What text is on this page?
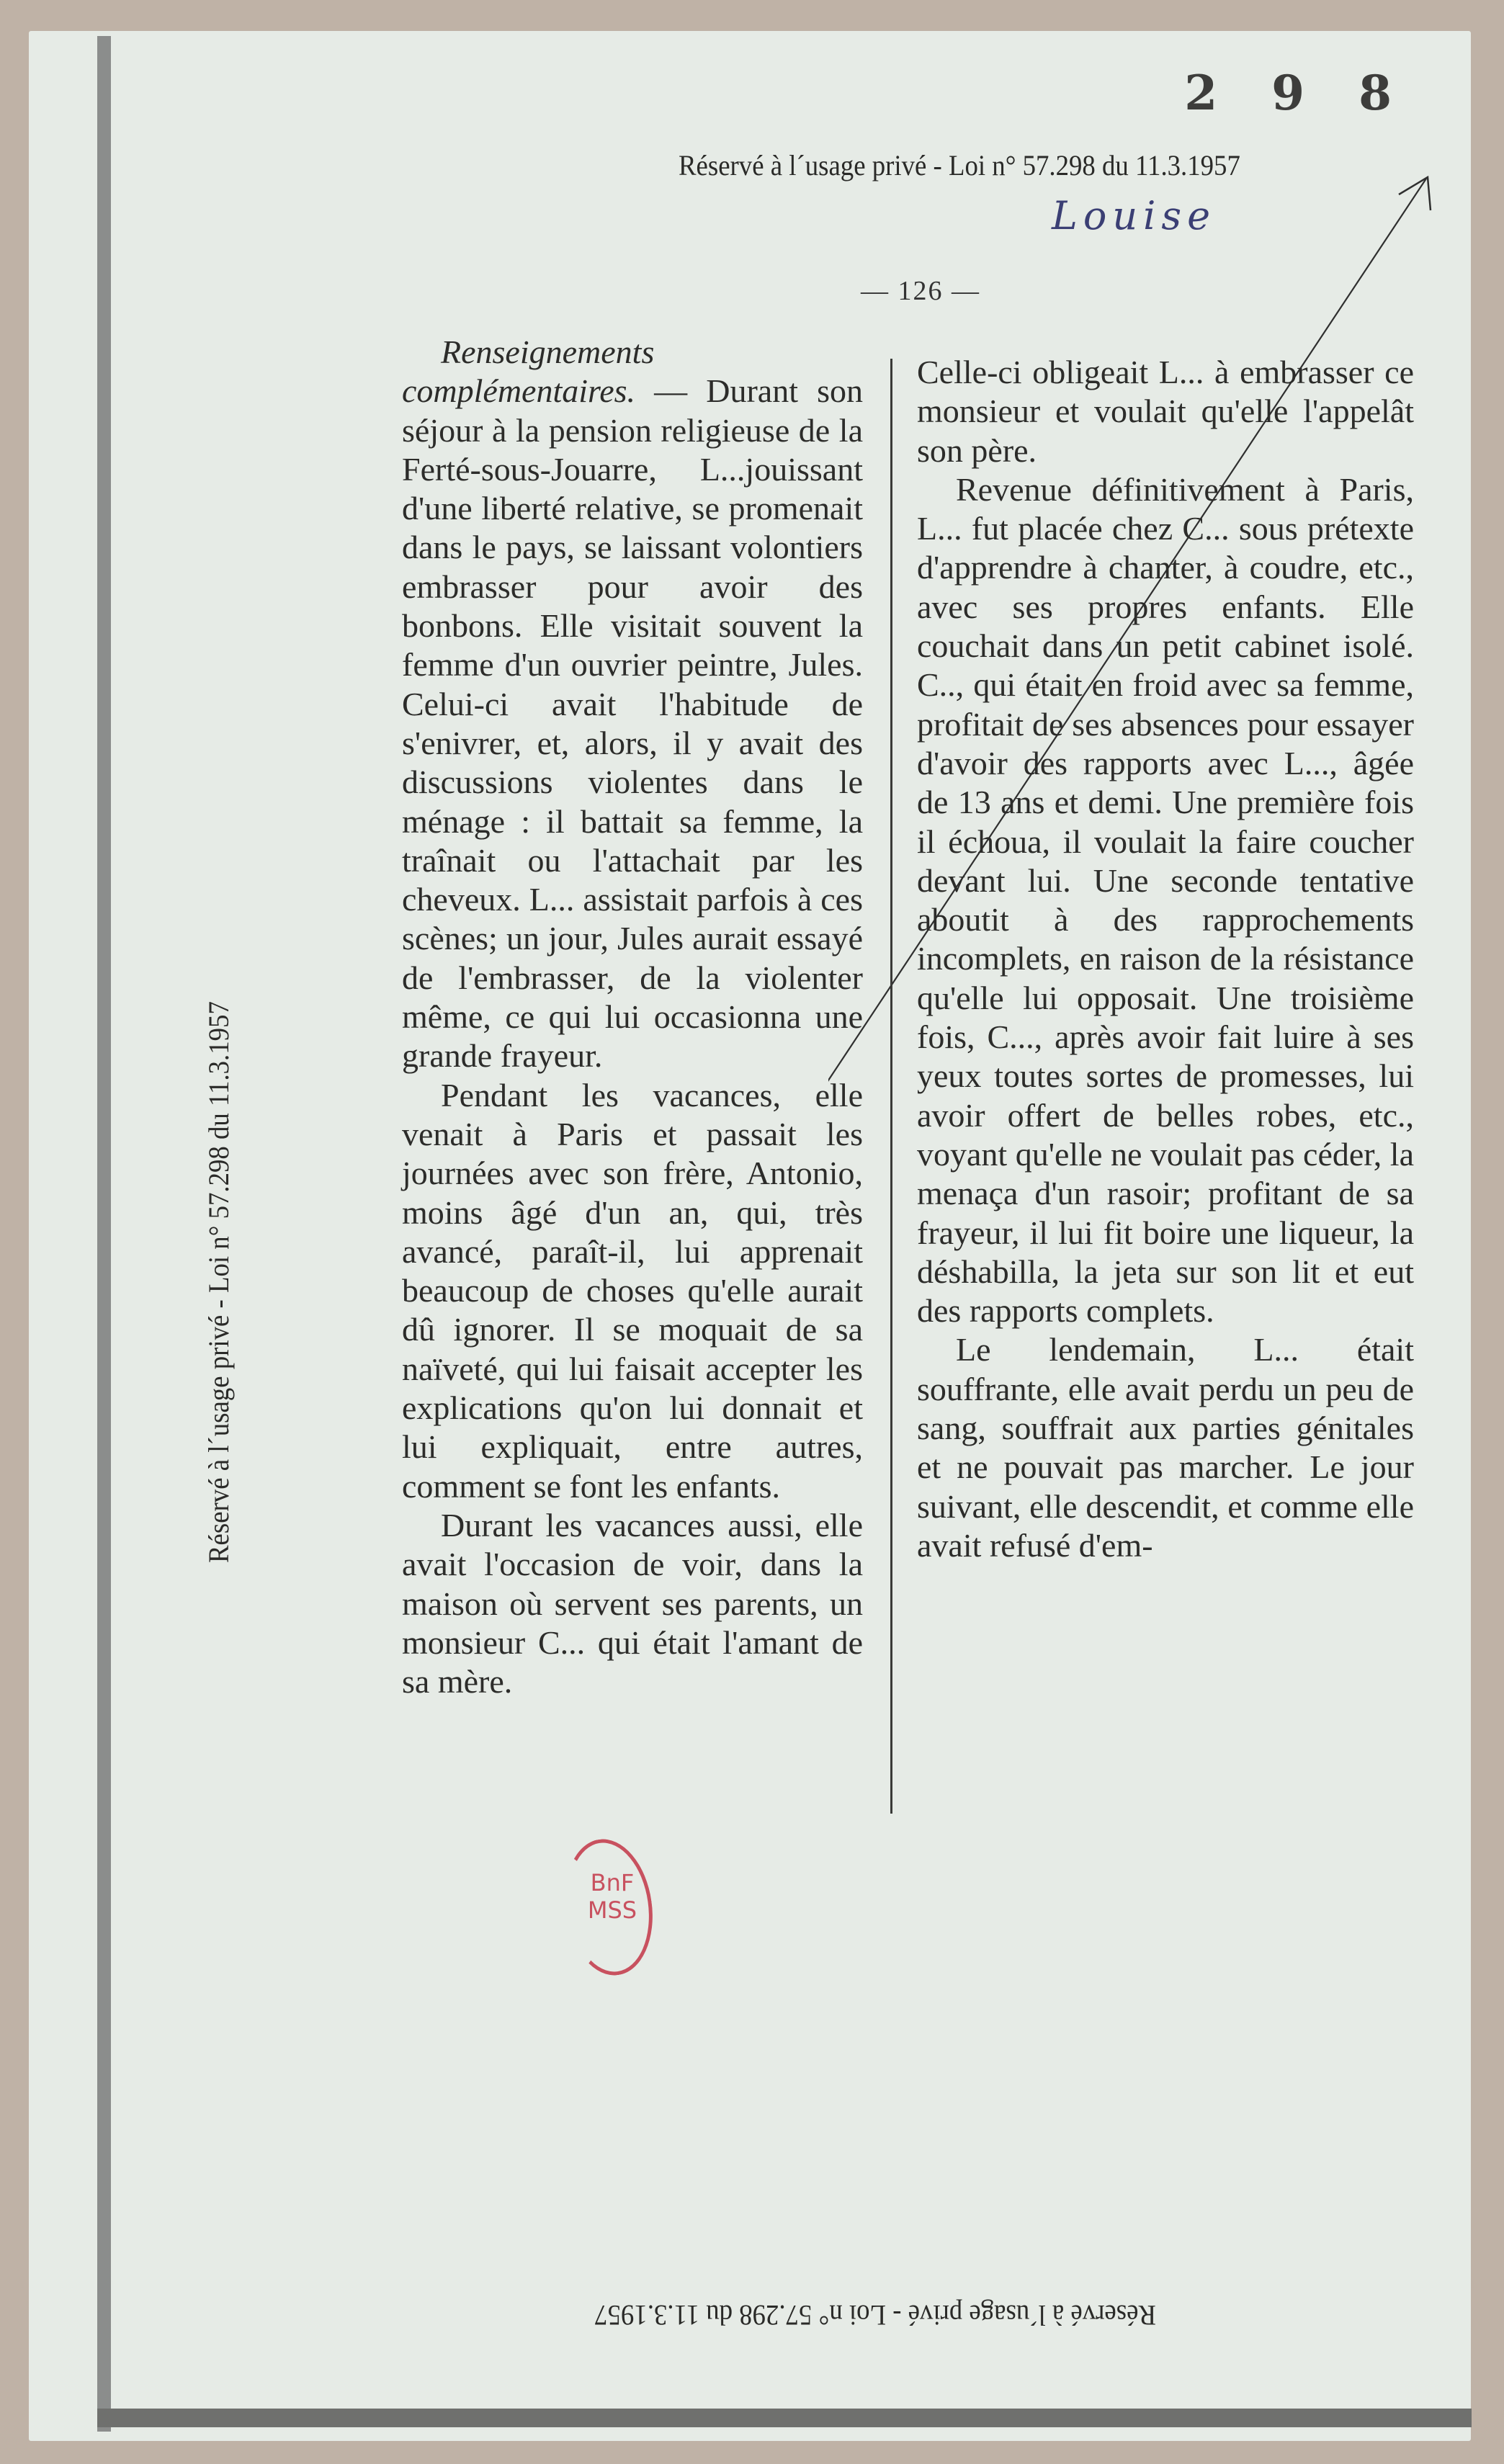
2 9 8
Réservé à l´usage privé - Loi n° 57.298 du 11.3.1957
Réservé à l´usage privé - Loi n° 57.298 du 11.3.1957
Réservé à l´usage privé - Loi n° 57.298 du 11.3.1957
Louise
— 126 —

Renseignements complémentaires. — Durant son séjour à la pension religieuse de la Ferté-sous-Jouarre, L...jouissant d'une liberté relative, se promenait dans le pays, se laissant volontiers embrasser pour avoir des bonbons. Elle visitait souvent la femme d'un ouvrier peintre, Jules. Celui-ci avait l'habitude de s'enivrer, et, alors, il y avait des discussions violentes dans le ménage : il battait sa femme, la traînait ou l'attachait par les cheveux. L... assistait parfois à ces scènes; un jour, Jules aurait essayé de l'embrasser, de la violenter même, ce qui lui occasionna une grande frayeur.

Pendant les vacances, elle venait à Paris et passait les journées avec son frère, Antonio, moins âgé d'un an, qui, très avancé, paraît-il, lui apprenait beaucoup de choses qu'elle aurait dû ignorer. Il se moquait de sa naïveté, qui lui faisait accepter les explications qu'on lui donnait et lui expliquait, entre autres, comment se font les enfants.

Durant les vacances aussi, elle avait l'occasion de voir, dans la maison où servent ses parents, un monsieur C... qui était l'amant de sa mère.

Celle-ci obligeait L... à embrasser ce monsieur et voulait qu'elle l'appelât son père.

Revenue définitivement à Paris, L... fut placée chez C... sous prétexte d'apprendre à chanter, à coudre, etc., avec ses propres enfants. Elle couchait dans un petit cabinet isolé. C.., qui était en froid avec sa femme, profitait de ses absences pour essayer d'avoir des rapports avec L..., âgée de 13 ans et demi. Une première fois il échoua, il voulait la faire coucher devant lui. Une seconde tentative aboutit à des rapprochements incomplets, en raison de la résistance qu'elle lui opposait. Une troisième fois, C..., après avoir fait luire à ses yeux toutes sortes de promesses, lui avoir offert de belles robes, etc., voyant qu'elle ne voulait pas céder, la menaça d'un rasoir; profitant de sa frayeur, il lui fit boire une liqueur, la déshabilla, la jeta sur son lit et eut des rapports complets.

Le lendemain, L... était souffrante, elle avait perdu un peu de sang, souffrait aux parties génitales et ne pouvait pas marcher. Le jour suivant, elle descendit, et comme elle avait refusé d'em-

BnF
MSS
